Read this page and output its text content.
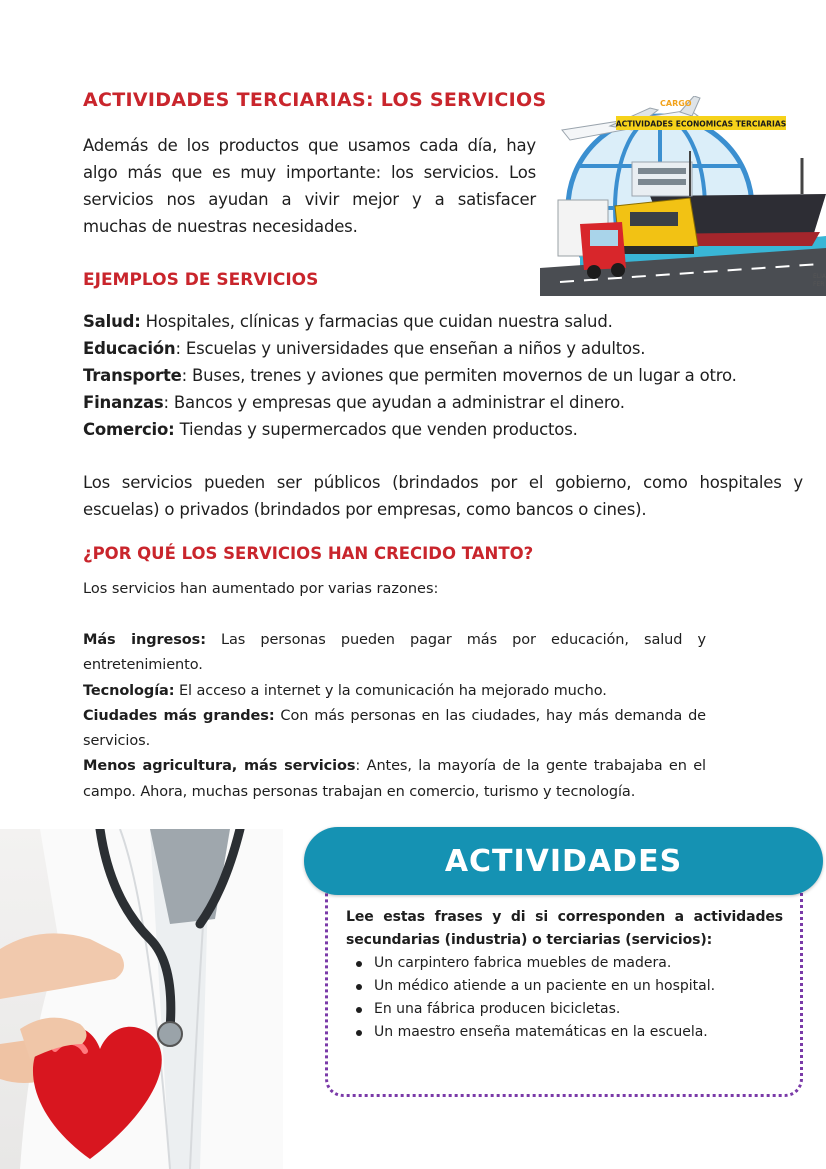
ACTIVIDADES TERCIARIAS: LOS SERVICIOS

Además de los productos que usamos cada día, hay algo más que es muy importante: los servicios. Los servicios nos ayudan a vivir mejor y a satisfacer muchas de nuestras necesidades.

CARGO
ACTIVIDADES ECONOMICAS TERCIARIAS
ELIA
FER
EJEMPLOS DE SERVICIOS

Salud: Hospitales, clínicas y farmacias que cuidan nuestra salud.

Educación: Escuelas y universidades que enseñan a niños y adultos.

Transporte: Buses, trenes y aviones que permiten movernos de un lugar a otro.

Finanzas: Bancos y empresas que ayudan a administrar el dinero.

Comercio: Tiendas y supermercados que venden productos.

Los servicios pueden ser públicos (brindados por el gobierno, como hospitales y escuelas) o privados (brindados por empresas, como bancos o cines).

¿POR QUÉ LOS SERVICIOS HAN CRECIDO TANTO?

Los servicios han aumentado por varias razones:

Más ingresos: Las personas pueden pagar más por educación, salud y entretenimiento.

Tecnología: El acceso a internet y la comunicación ha mejorado mucho.

Ciudades más grandes: Con más personas en las ciudades, hay más demanda de servicios.

Menos agricultura, más servicios: Antes, la mayoría de la gente trabajaba en el campo. Ahora, muchas personas trabajan en comercio, turismo y tecnología.

ACTIVIDADES

Lee estas frases y di si corresponden a actividades secundarias (industria) o terciarias (servicios):

Un carpintero fabrica muebles de madera.
Un médico atiende a un paciente en un hospital.
En una fábrica producen bicicletas.
Un maestro enseña matemáticas en la escuela.
